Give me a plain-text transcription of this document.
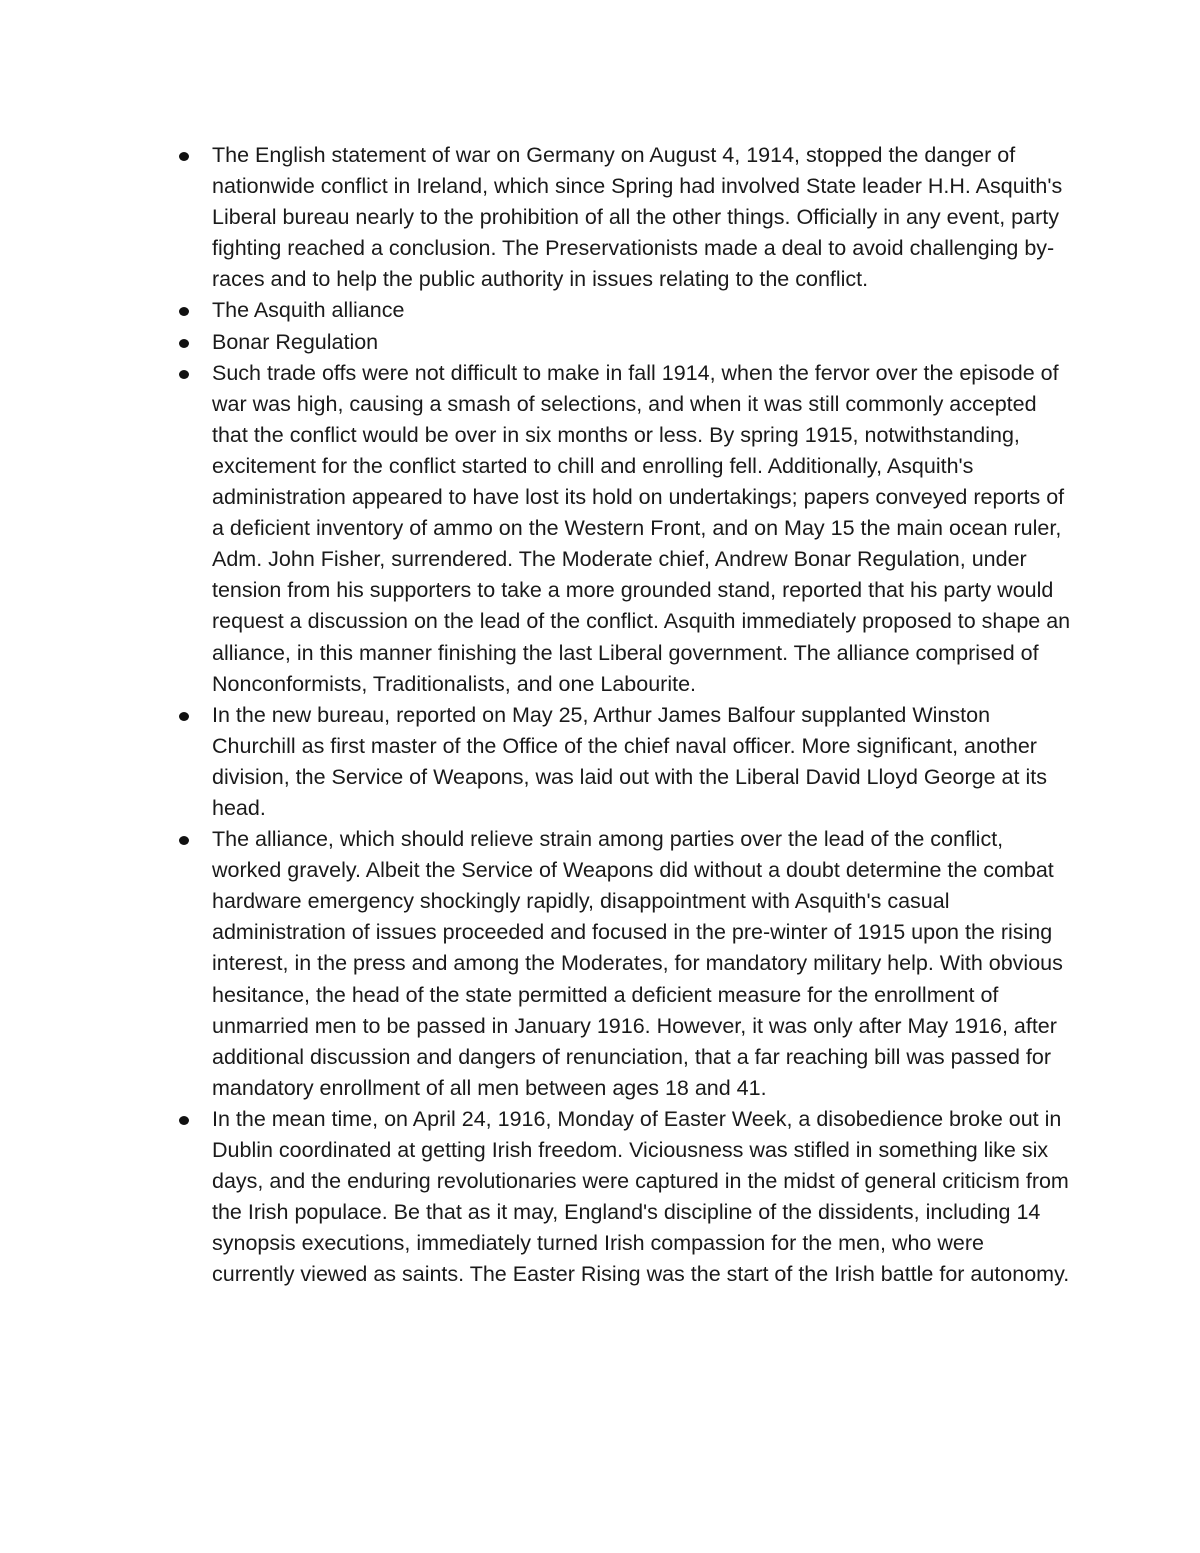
The English statement of war on Germany on August 4, 1914, stopped the danger of nationwide conflict in Ireland, which since Spring had involved State leader H.H. Asquith's Liberal bureau nearly to the prohibition of all the other things. Officially in any event, party fighting reached a conclusion. The Preservationists made a deal to avoid challenging by-races and to help the public authority in issues relating to the conflict.
The Asquith alliance
Bonar Regulation
Such trade offs were not difficult to make in fall 1914, when the fervor over the episode of war was high, causing a smash of selections, and when it was still commonly accepted that the conflict would be over in six months or less. By spring 1915, notwithstanding, excitement for the conflict started to chill and enrolling fell. Additionally, Asquith's administration appeared to have lost its hold on undertakings; papers conveyed reports of a deficient inventory of ammo on the Western Front, and on May 15 the main ocean ruler, Adm. John Fisher, surrendered. The Moderate chief, Andrew Bonar Regulation, under tension from his supporters to take a more grounded stand, reported that his party would request a discussion on the lead of the conflict. Asquith immediately proposed to shape an alliance, in this manner finishing the last Liberal government. The alliance comprised of Nonconformists, Traditionalists, and one Labourite.
In the new bureau, reported on May 25, Arthur James Balfour supplanted Winston Churchill as first master of the Office of the chief naval officer. More significant, another division, the Service of Weapons, was laid out with the Liberal David Lloyd George at its head.
The alliance, which should relieve strain among parties over the lead of the conflict, worked gravely. Albeit the Service of Weapons did without a doubt determine the combat hardware emergency shockingly rapidly, disappointment with Asquith's casual administration of issues proceeded and focused in the pre-winter of 1915 upon the rising interest, in the press and among the Moderates, for mandatory military help. With obvious hesitance, the head of the state permitted a deficient measure for the enrollment of unmarried men to be passed in January 1916. However, it was only after May 1916, after additional discussion and dangers of renunciation, that a far reaching bill was passed for mandatory enrollment of all men between ages 18 and 41.
In the mean time, on April 24, 1916, Monday of Easter Week, a disobedience broke out in Dublin coordinated at getting Irish freedom. Viciousness was stifled in something like six days, and the enduring revolutionaries were captured in the midst of general criticism from the Irish populace. Be that as it may, England's discipline of the dissidents, including 14 synopsis executions, immediately turned Irish compassion for the men, who were currently viewed as saints. The Easter Rising was the start of the Irish battle for autonomy.
